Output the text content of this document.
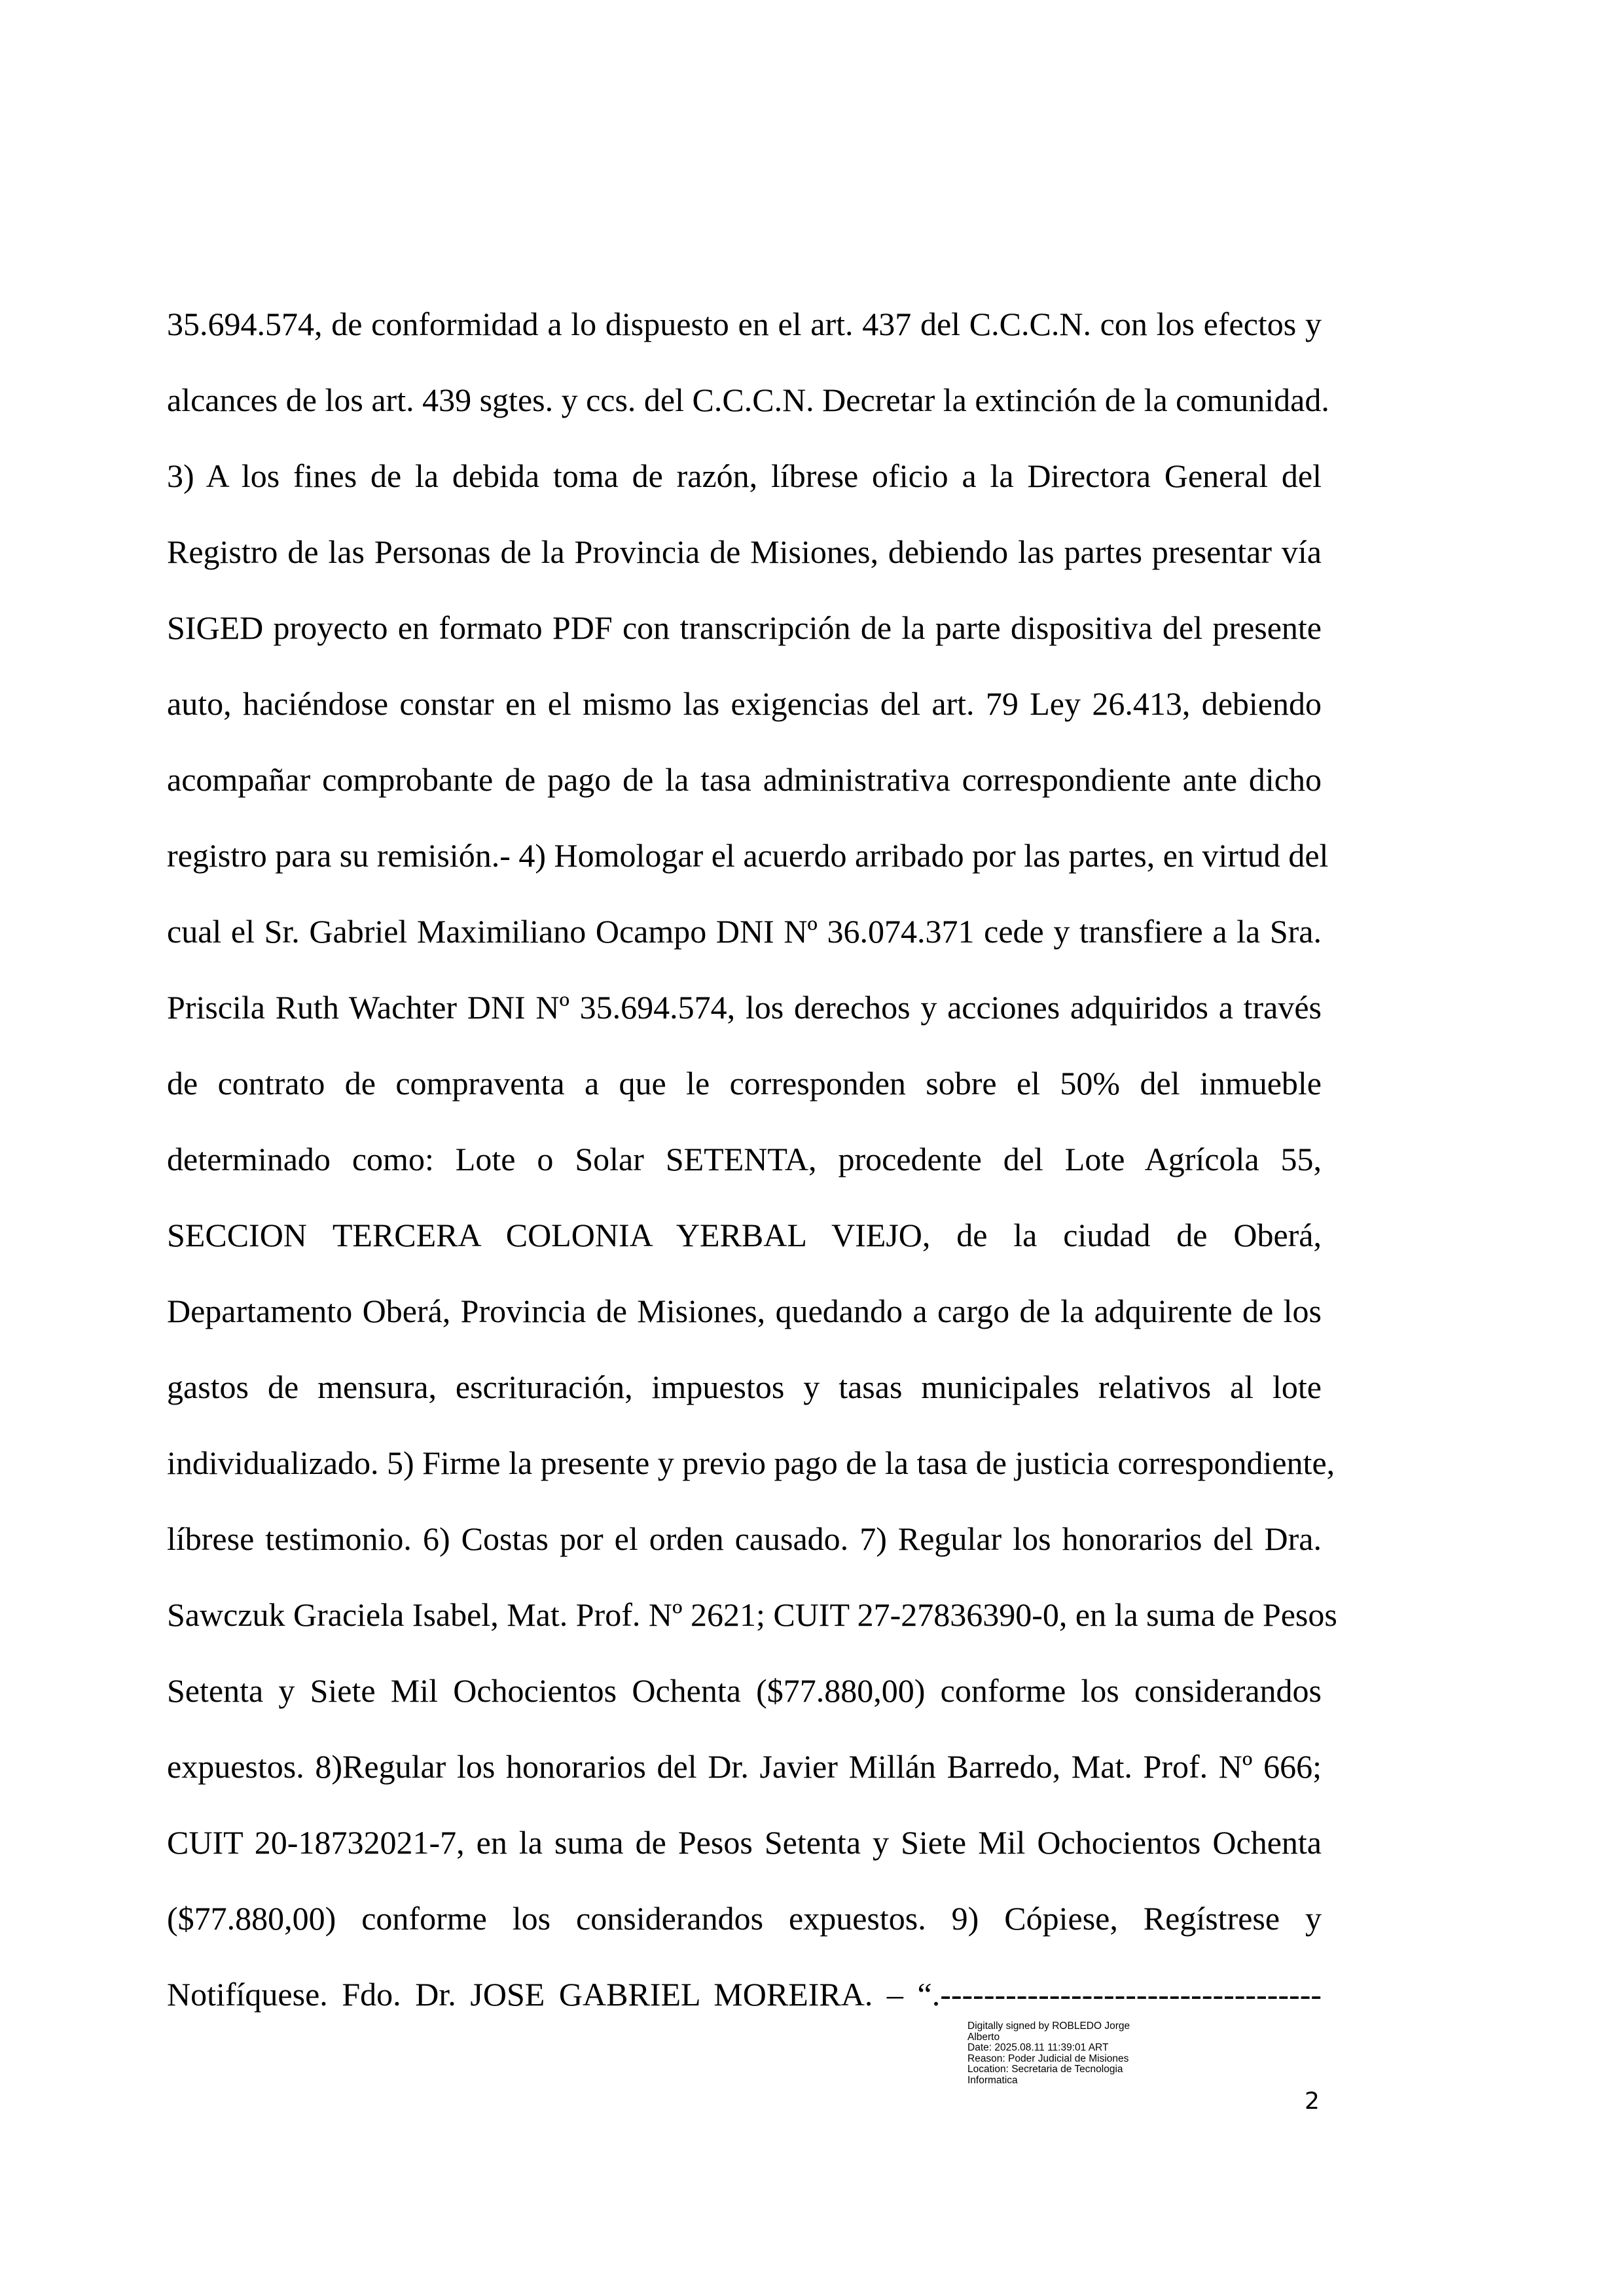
35.694.574, de conformidad a lo dispuesto en el art. 437 del C.C.C.N. con los efectos y
alcances de los art. 439 sgtes. y ccs. del C.C.C.N. Decretar la extinción de la comunidad.
3) A los fines de la debida toma de razón, líbrese oficio a la Directora General del
Registro de las Personas de la Provincia de Misiones, debiendo las partes presentar vía
SIGED proyecto en formato PDF con transcripción de la parte dispositiva del presente
auto, haciéndose constar en el mismo las exigencias del art. 79 Ley 26.413, debiendo
acompañar comprobante de pago de la tasa administrativa correspondiente ante dicho
registro para su remisión.- 4) Homologar el acuerdo arribado por las partes, en virtud del
cual el Sr. Gabriel Maximiliano Ocampo DNI Nº 36.074.371 cede y transfiere a la Sra.
Priscila Ruth Wachter DNI Nº 35.694.574, los derechos y acciones adquiridos a través
de contrato de compraventa a que le corresponden sobre el 50% del inmueble
determinado como: Lote o Solar SETENTA, procedente del Lote Agrícola 55,
SECCION TERCERA COLONIA YERBAL VIEJO, de la ciudad de Oberá,
Departamento Oberá, Provincia de Misiones, quedando a cargo de la adquirente de los
gastos de mensura, escrituración, impuestos y tasas municipales relativos al lote
individualizado. 5) Firme la presente y previo pago de la tasa de justicia correspondiente,
líbrese testimonio. 6) Costas por el orden causado. 7) Regular los honorarios del Dra.
Sawczuk Graciela Isabel, Mat. Prof. Nº 2621; CUIT 27-27836390-0, en la suma de Pesos
Setenta y Siete Mil Ochocientos Ochenta ($77.880,00) conforme los considerandos
expuestos. 8)Regular los honorarios del Dr. Javier Millán Barredo, Mat. Prof. Nº 666;
CUIT 20-18732021-7, en la suma de Pesos Setenta y Siete Mil Ochocientos Ochenta
($77.880,00) conforme los considerandos expuestos. 9) Cópiese, Regístrese y
Notifíquese. Fdo. Dr. JOSE GABRIEL MOREIRA. – “.-----------------------------------
Digitally signed by ROBLEDO Jorge
Alberto
Date: 2025.08.11 11:39:01 ART
Reason: Poder Judicial de Misiones
Location: Secretaria de Tecnologia
Informatica
2
